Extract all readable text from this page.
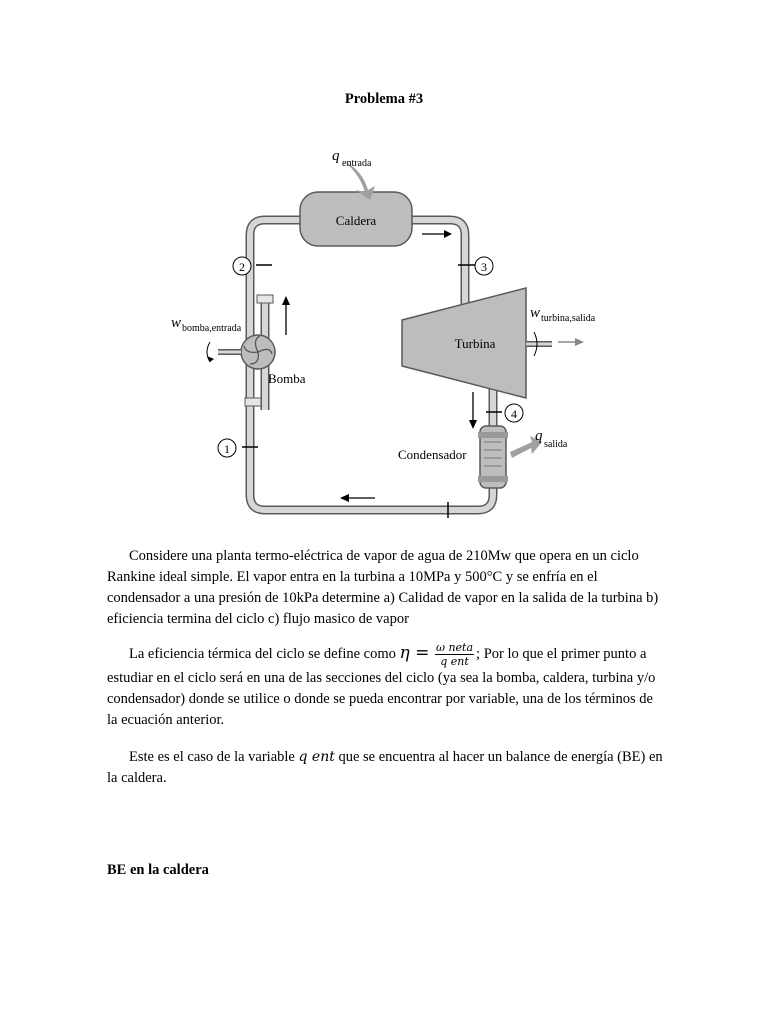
Problema #3
Caldera
q entrada
2	3
Bomba
w bomba,entrada
Turbina
w turbina,salida
4
Condensador
q
salida
1

Considere una planta termo-eléctrica de vapor de agua de 210Mw que opera en un ciclo Rankine ideal simple. El vapor entra en la turbina a 10MPa y 500°C y se enfría en el condensador a una presión de 10kPa determine a) Calidad de vapor en la salida de la turbina b) eficiencia termina del ciclo c) flujo masico de vapor

La eficiencia térmica del ciclo se define como $\eta = \frac{\text{ω neta}}{\text{q ent}}$ ; Por lo que el primer punto a estudiar en el ciclo será en una de las secciones del ciclo (ya sea la bomba, caldera, turbina y/o condensador) donde se utilice o donde se pueda encontrar por variable, una de los términos de la ecuación anterior.

Este es el caso de la variable q ent que se encuentra al hacer un balance de energía (BE) en la caldera.

BE en la caldera
